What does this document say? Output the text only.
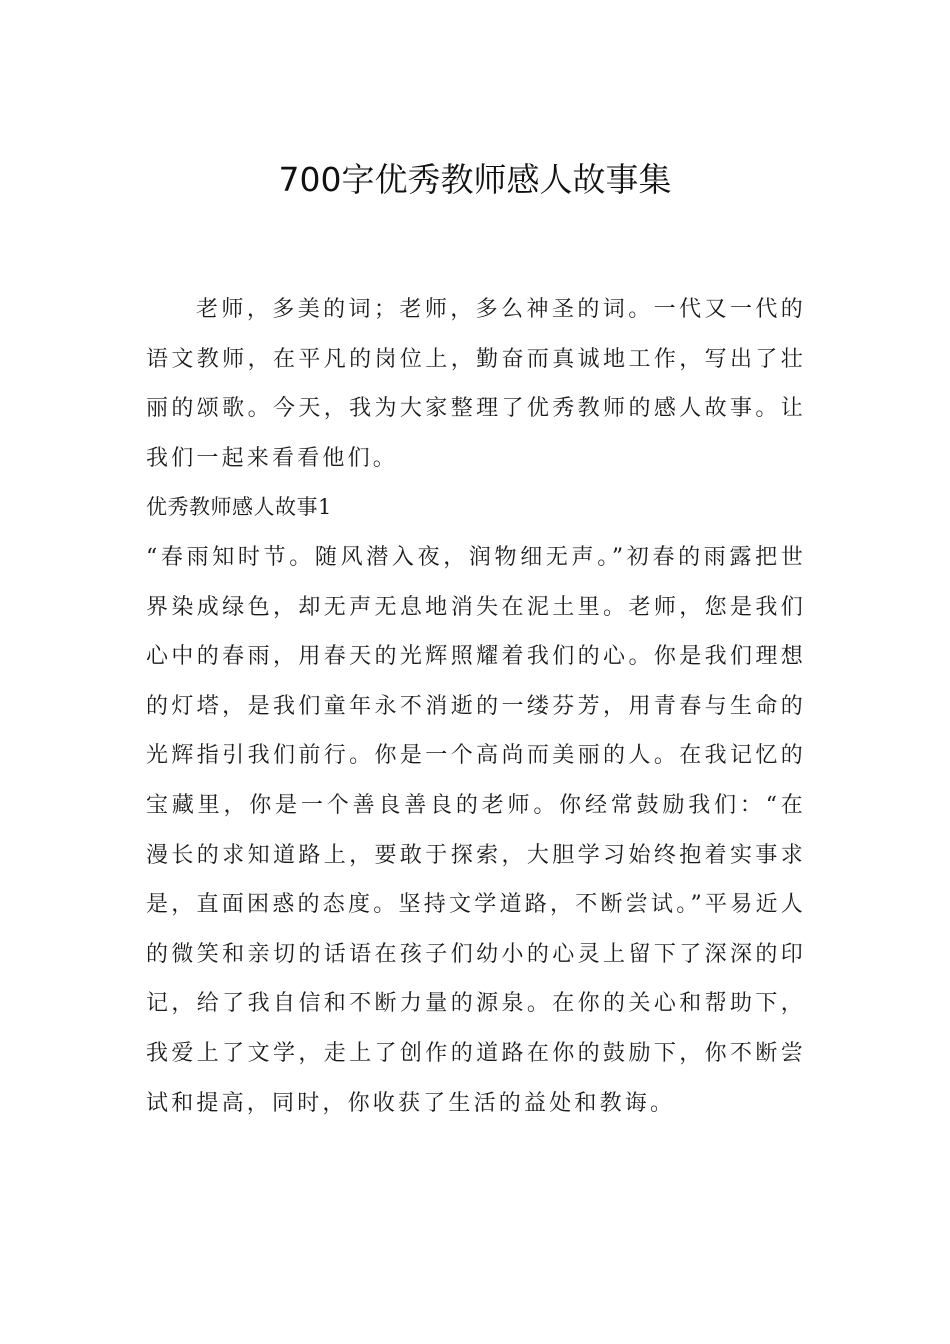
700字优秀教师感人故事集

老师，多美的词；老师，多么神圣的词。一代又一代的语文教师，在平凡的岗位上，勤奋而真诚地工作，写出了壮丽的颂歌。今天，我为大家整理了优秀教师的感人故事。让我们一起来看看他们。

优秀教师感人故事1

“春雨知时节。随风潜入夜，润物细无声。”初春的雨露把世界染成绿色，却无声无息地消失在泥土里。老师，您是我们心中的春雨，用春天的光辉照耀着我们的心。你是我们理想的灯塔，是我们童年永不消逝的一缕芬芳，用青春与生命的光辉指引我们前行。你是一个高尚而美丽的人。在我记忆的宝藏里，你是一个善良善良的老师。你经常鼓励我们：“在漫长的求知道路上，要敢于探索，大胆学习始终抱着实事求是，直面困惑的态度。坚持文学道路，不断尝试。”平易近人的微笑和亲切的话语在孩子们幼小的心灵上留下了深深的印记，给了我自信和不断力量的源泉。在你的关心和帮助下，我爱上了文学，走上了创作的道路在你的鼓励下，你不断尝试和提高，同时，你收获了生活的益处和教诲。
